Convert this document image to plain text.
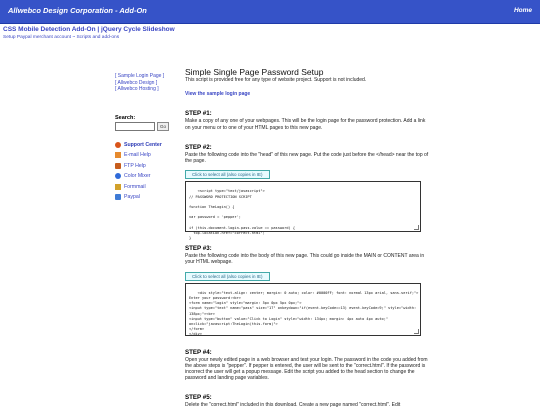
Allwebco Design Corporation - Add-On	Home
CSS Mobile Detection Add-On | jQuery Cycle Slideshow
Setup Paypal merchant account ~ Scripts and add-ons
[ Sample Login Page ]
[ Allwebco Design ]
[ Allwebco Hosting ]
Search:
Go
Support Center
E-mail Help
FTP Help
Color Mixer
Formmail
Paypal
Simple Single Page Password Setup

This script is provided free for any type of website project. Support is not included.

View the sample login page
STEP #1:

Make a copy of any one of your webpages. This will be the login page for the password protection. Add a link on your menu or to one of your HTML pages to this new page.

STEP #2:

Paste the following code into the "head" of this new page. Put the code just before the </head> near the top of the page.

Click to select all (also copies in IE)

<script type="text/javascript">
// PASSWORD PROTECTION SCRIPT

function TheLogin() {

var password = 'pepper';

if (this.document.login.pass.value == password) {
top.location.href="correct.html";
}

STEP #3:

Paste the following code into the body of this new page. This could go inside the MAIN or CONTENT area in your HTML webpage.

Click to select all (also copies in IE)

<div style="text-align: center; margin: 0 auto; color: #0000FF; font: normal 13px arial, sans-serif;">
Enter your password:<br>
<form name="login" style="margin: 5px 0px 5px 0px;">
<input type="text" name="pass" size="17" onkeydown="if(event.keyCode==13) event.keyCode=9;" style="width:
138px;"><br>
<input type="button" value="Click to Login" style="width: 134px; margin: 4px auto 4px auto;"
onclick="javascript:TheLogin(this.form)">
</form>
</div>

STEP #4:

Open your newly edited page in a web browser and test your login. The password in the code you added from the above steps is "pepper". If pepper is entered, the user will be sent to the "correct.html". If the password is incorrect the user will get a popup message. Edit the script you added to the head section to change the password and landing page variables.

STEP #5:

Delete the "correct.html" included in this download. Create a new page named "correct.html". Edit
